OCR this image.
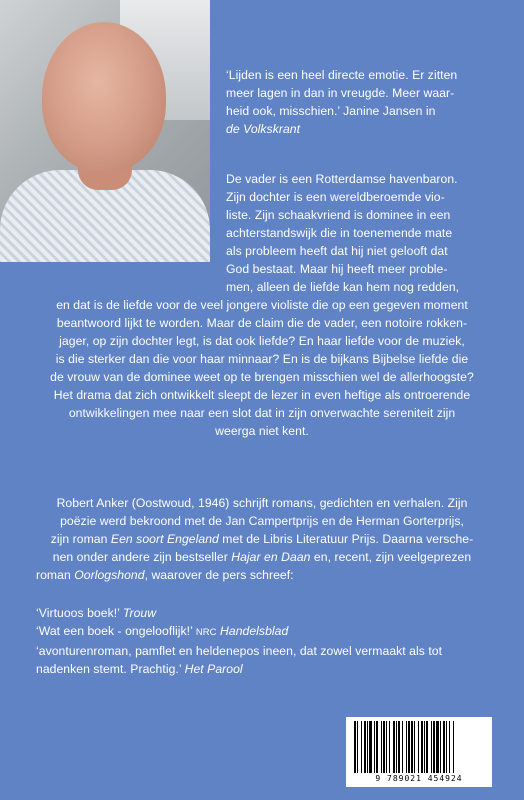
‘Lijden is een heel directe emotie. Er zitten
meer lagen in dan in vreugde. Meer waar-
heid ook, misschien.’ Janine Jansen in
de Volkskrant
De vader is een Rotterdamse havenbaron.
Zijn dochter is een wereldberoemde vio-
liste. Zijn schaakvriend is dominee in een
achterstandswijk die in toenemende mate
als probleem heeft dat hij niet gelooft dat
God bestaat. Maar hij heeft meer proble-
men, alleen de liefde kan hem nog redden,
en dat is de liefde voor de veel jongere violiste die op een gegeven moment
beantwoord lijkt te worden. Maar de claim die de vader, een notoire rokken-
jager, op zijn dochter legt, is dat ook liefde? En haar liefde voor de muziek,
is die sterker dan die voor haar minnaar? En is de bijkans Bijbelse liefde die
de vrouw van de dominee weet op te brengen misschien wel de allerhoogste?
Het drama dat zich ontwikkelt sleept de lezer in even heftige als ontroerende
ontwikkelingen mee naar een slot dat in zijn onverwachte sereniteit zijn
weerga niet kent.
Robert Anker (Oostwoud, 1946) schrijft romans, gedichten en verhalen. Zijn
poëzie werd bekroond met de Jan Campertprijs en de Herman Gorterprijs,
zijn roman Een soort Engeland met de Libris Literatuur Prijs. Daarna versche-
nen onder andere zijn bestseller Hajar en Daan en, recent, zijn veelgeprezen
roman Oorlogshond, waarover de pers schreef:
‘Virtuoos boek!’ Trouw
‘Wat een boek - ongelooflijk!’ NRC Handelsblad
‘avonturenroman, pamflet en heldenepos ineen, dat zowel vermaakt als tot
nadenken stemt. Prachtig.’ Het Parool
9 789021 454924
